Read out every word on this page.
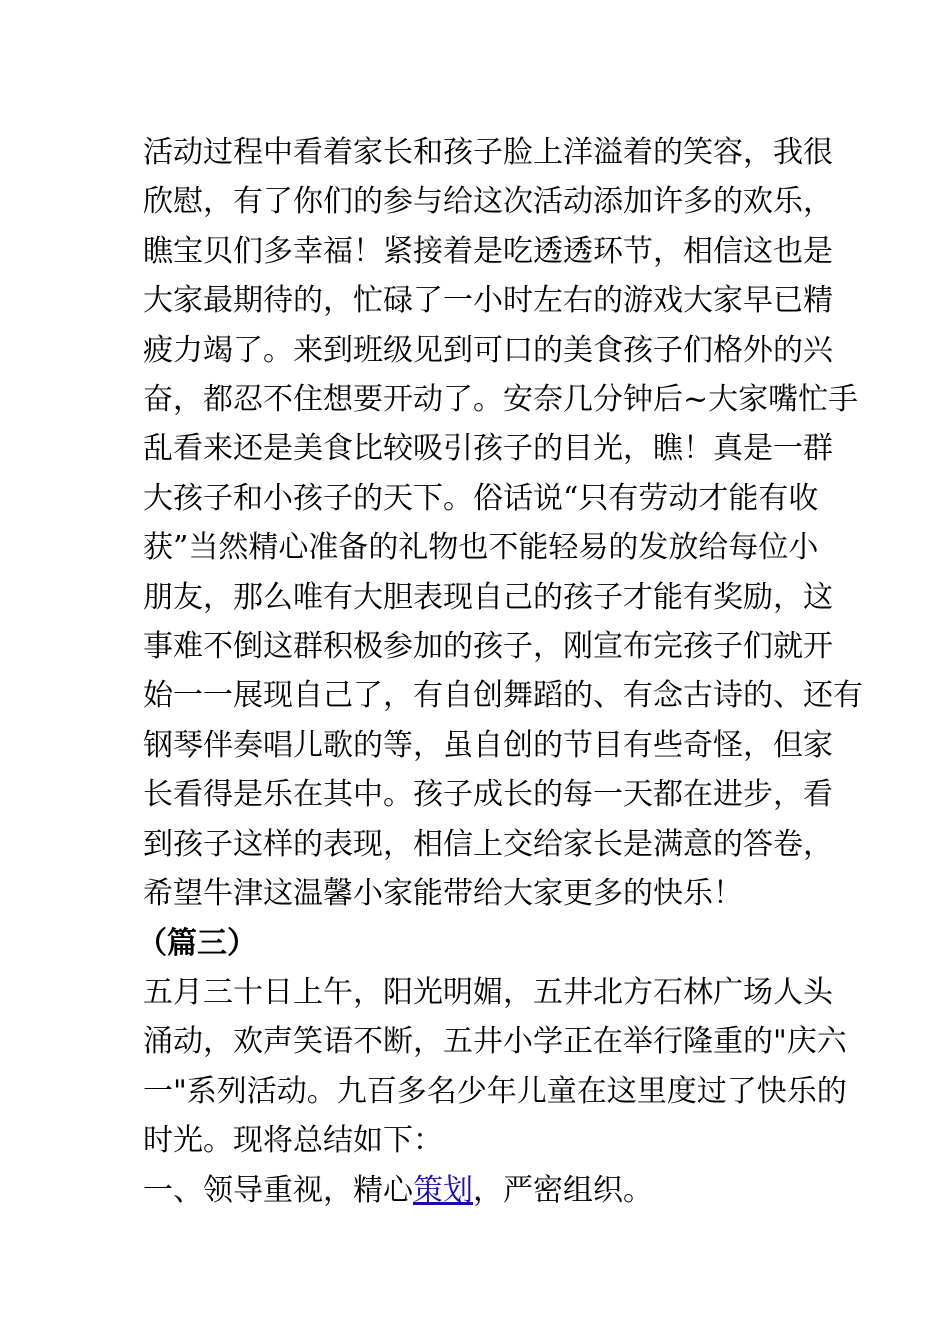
活动过程中看着家长和孩子脸上洋溢着的笑容，我很
欣慰，有了你们的参与给这次活动添加许多的欢乐，
瞧宝贝们多幸福！紧接着是吃透透环节，相信这也是
大家最期待的，忙碌了一小时左右的游戏大家早已精
疲力竭了。来到班级见到可口的美食孩子们格外的兴
奋，都忍不住想要开动了。安奈几分钟后~大家嘴忙手
乱看来还是美食比较吸引孩子的目光，瞧！真是一群
大孩子和小孩子的天下。俗话说“只有劳动才能有收
获”当然精心准备的礼物也不能轻易的发放给每位小
朋友，那么唯有大胆表现自己的孩子才能有奖励，这
事难不倒这群积极参加的孩子，刚宣布完孩子们就开
始一一展现自己了，有自创舞蹈的、有念古诗的、还有
钢琴伴奏唱儿歌的等，虽自创的节目有些奇怪，但家
长看得是乐在其中。孩子成长的每一天都在进步，看
到孩子这样的表现，相信上交给家长是满意的答卷，
希望牛津这温馨小家能带给大家更多的快乐！
（篇三）
五月三十日上午，阳光明媚，五井北方石林广场人头
涌动，欢声笑语不断，五井小学正在举行隆重的"庆六
一"系列活动。九百多名少年儿童在这里度过了快乐的
时光。现将总结如下：
一、领导重视，精心策划，严密组织。
